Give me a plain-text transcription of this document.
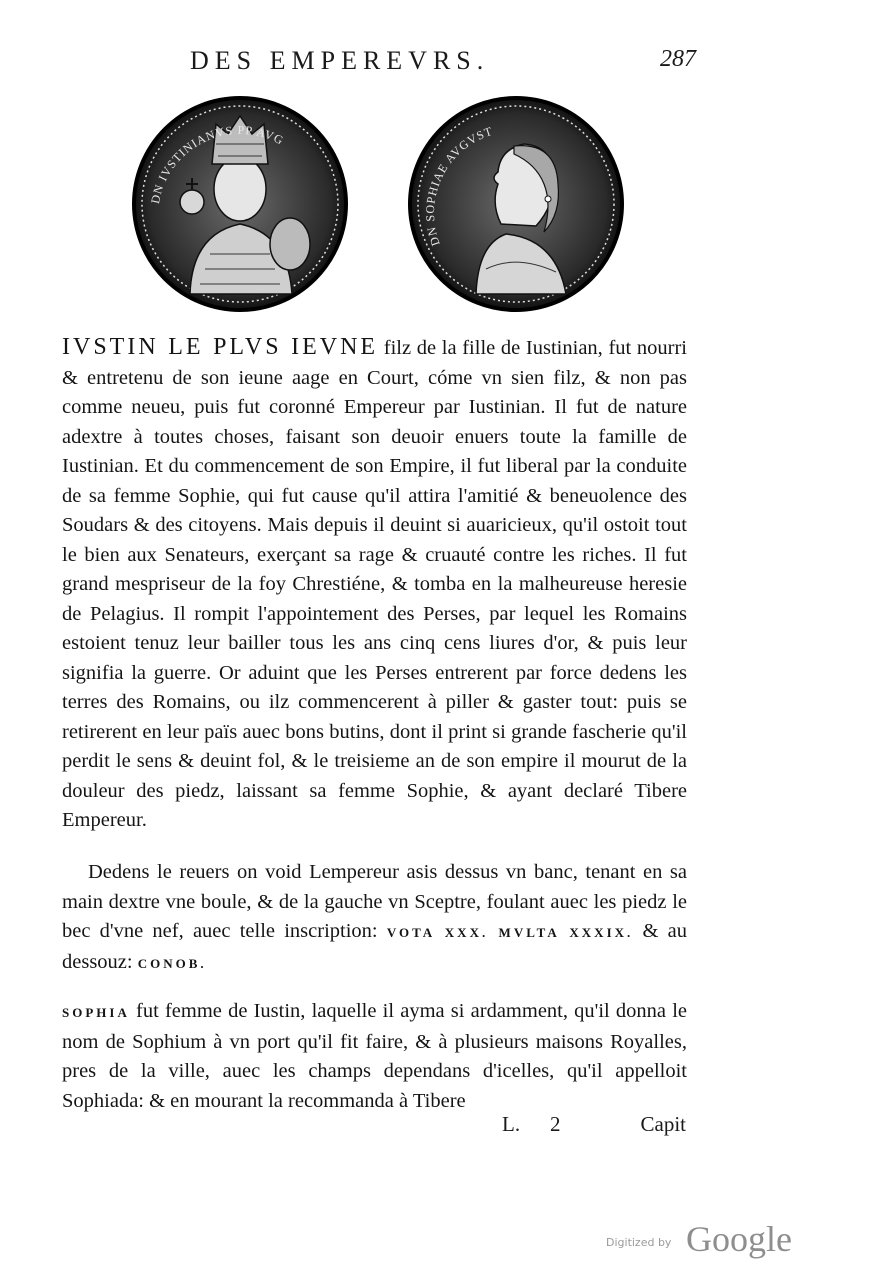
DES EMPEREVRS.	287
DN IVSTINIANVS PP AVG
DN SOPHIAE AVGVST
IVSTIN LE PLVS IEVNE filz de la fille de Iustinian, fut nourri & entretenu de son ieune aage en Court, cóme vn sien filz, & non pas comme neueu, puis fut coronné Empereur par Iustinian. Il fut de nature adextre à toutes choses, faisant son deuoir enuers toute la famille de Iustinian. Et du commencement de son Empire, il fut liberal par la conduite de sa femme Sophie, qui fut cause qu'il attira l'amitié & beneuolence des Soudars & des citoyens. Mais depuis il deuint si auaricieux, qu'il ostoit tout le bien aux Senateurs, exerçant sa rage & cruauté contre les riches. Il fut grand mespriseur de la foy Chrestiéne, & tomba en la malheureuse heresie de Pelagius. Il rompit l'appointement des Perses, par lequel les Romains estoient tenuz leur bailler tous les ans cinq cens liures d'or, & puis leur signifia la guerre. Or aduint que les Perses entrerent par force dedens les terres des Romains, ou ilz commencerent à piller & gaster tout: puis se retirerent en leur païs auec bons butins, dont il print si grande fascherie qu'il perdit le sens & deuint fol, & le treisieme an de son empire il mourut de la douleur des piedz, laissant sa femme Sophie, & ayant declaré Tibere Empereur.
Dedens le reuers on void Lempereur asis dessus vn banc, tenant en sa main dextre vne boule, & de la gauche vn Sceptre, foulant auec les piedz le bec d'vne nef, auec telle inscription: VOTA XXX. MVLTA XXXIX. & au dessouz: CONOB.
SOPHIA fut femme de Iustin, laquelle il ayma si ardamment, qu'il donna le nom de Sophium à vn port qu'il fit faire, & à plusieurs maisons Royalles, pres de la ville, auec les champs dependans d'icelles, qu'il appelloit Sophiada: & en mourant la recommanda à Tibere
L. 2	Capit
Digitized by Google
